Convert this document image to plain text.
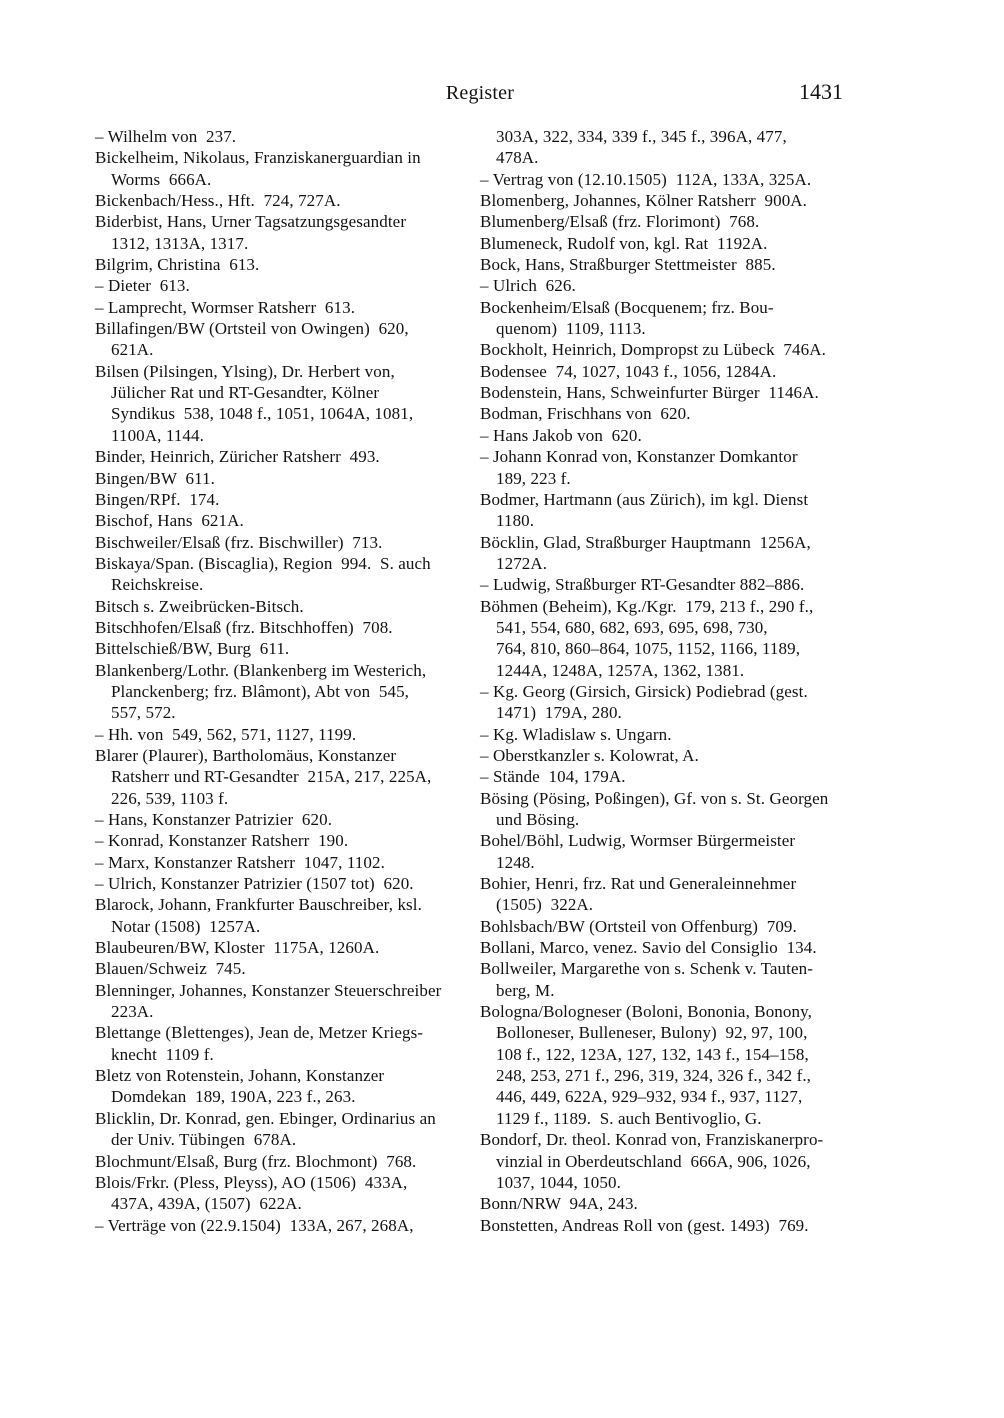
Register	1431
– Wilhelm von  237.
Bickelheim, Nikolaus, Franziskanerguardian in
Worms  666A.
Bickenbach/Hess., Hft.  724, 727A.
Biderbist, Hans, Urner Tagsatzungsgesandter
1312, 1313A, 1317.
Bilgrim, Christina  613.
– Dieter  613.
– Lamprecht, Wormser Ratsherr  613.
Billafingen/BW (Ortsteil von Owingen)  620,
621A.
Bilsen (Pilsingen, Ylsing), Dr. Herbert von,
Jülicher Rat und RT-Gesandter, Kölner
Syndikus  538, 1048 f., 1051, 1064A, 1081,
1100A, 1144.
Binder, Heinrich, Züricher Ratsherr  493.
Bingen/BW  611.
Bingen/RPf.  174.
Bischof, Hans  621A.
Bischweiler/Elsaß (frz. Bischwiller)  713.
Biskaya/Span. (Biscaglia), Region  994.  S. auch
Reichskreise.
Bitsch s. Zweibrücken-Bitsch.
Bitschhofen/Elsaß (frz. Bitschhoffen)  708.
Bittelschieß/BW, Burg  611.
Blankenberg/Lothr. (Blankenberg im Westerich,
Planckenberg; frz. Blâmont), Abt von  545,
557, 572.
– Hh. von  549, 562, 571, 1127, 1199.
Blarer (Plaurer), Bartholomäus, Konstanzer
Ratsherr und RT-Gesandter  215A, 217, 225A,
226, 539, 1103 f.
– Hans, Konstanzer Patrizier  620.
– Konrad, Konstanzer Ratsherr  190.
– Marx, Konstanzer Ratsherr  1047, 1102.
– Ulrich, Konstanzer Patrizier (1507 tot)  620.
Blarock, Johann, Frankfurter Bauschreiber, ksl.
Notar (1508)  1257A.
Blaubeuren/BW, Kloster  1175A, 1260A.
Blauen/Schweiz  745.
Blenninger, Johannes, Konstanzer Steuerschreiber
223A.
Blettange (Blettenges), Jean de, Metzer Kriegs-
knecht  1109 f.
Bletz von Rotenstein, Johann, Konstanzer
Domdekan  189, 190A, 223 f., 263.
Blicklin, Dr. Konrad, gen. Ebinger, Ordinarius an
der Univ. Tübingen  678A.
Blochmunt/Elsaß, Burg (frz. Blochmont)  768.
Blois/Frkr. (Pless, Pleyss), AO (1506)  433A,
437A, 439A, (1507)  622A.
– Verträge von (22.9.1504)  133A, 267, 268A,
303A, 322, 334, 339 f., 345 f., 396A, 477,
478A.
– Vertrag von (12.10.1505)  112A, 133A, 325A.
Blomenberg, Johannes, Kölner Ratsherr  900A.
Blumenberg/Elsaß (frz. Florimont)  768.
Blumeneck, Rudolf von, kgl. Rat  1192A.
Bock, Hans, Straßburger Stettmeister  885.
– Ulrich  626.
Bockenheim/Elsaß (Bocquenem; frz. Bou-
quenom)  1109, 1113.
Bockholt, Heinrich, Dompropst zu Lübeck  746A.
Bodensee  74, 1027, 1043 f., 1056, 1284A.
Bodenstein, Hans, Schweinfurter Bürger  1146A.
Bodman, Frischhans von  620.
– Hans Jakob von  620.
– Johann Konrad von, Konstanzer Domkantor
189, 223 f.
Bodmer, Hartmann (aus Zürich), im kgl. Dienst
1180.
Böcklin, Glad, Straßburger Hauptmann  1256A,
1272A.
– Ludwig, Straßburger RT-Gesandter 882–886.
Böhmen (Beheim), Kg./Kgr.  179, 213 f., 290 f.,
541, 554, 680, 682, 693, 695, 698, 730,
764, 810, 860–864, 1075, 1152, 1166, 1189,
1244A, 1248A, 1257A, 1362, 1381.
– Kg. Georg (Girsich, Girsick) Podiebrad (gest.
1471)  179A, 280.
– Kg. Wladislaw s. Ungarn.
– Oberstkanzler s. Kolowrat, A.
– Stände  104, 179A.
Bösing (Pösing, Poßingen), Gf. von s. St. Georgen
und Bösing.
Bohel/Böhl, Ludwig, Wormser Bürgermeister
1248.
Bohier, Henri, frz. Rat und Generaleinnehmer
(1505)  322A.
Bohlsbach/BW (Ortsteil von Offenburg)  709.
Bollani, Marco, venez. Savio del Consiglio  134.
Bollweiler, Margarethe von s. Schenk v. Tauten-
berg, M.
Bologna/Bologneser (Boloni, Bononia, Bonony,
Bolloneser, Bulleneser, Bulony)  92, 97, 100,
108 f., 122, 123A, 127, 132, 143 f., 154–158,
248, 253, 271 f., 296, 319, 324, 326 f., 342 f.,
446, 449, 622A, 929–932, 934 f., 937, 1127,
1129 f., 1189.  S. auch Bentivoglio, G.
Bondorf, Dr. theol. Konrad von, Franziskanerpro-
vinzial in Oberdeutschland  666A, 906, 1026,
1037, 1044, 1050.
Bonn/NRW  94A, 243.
Bonstetten, Andreas Roll von (gest. 1493)  769.
